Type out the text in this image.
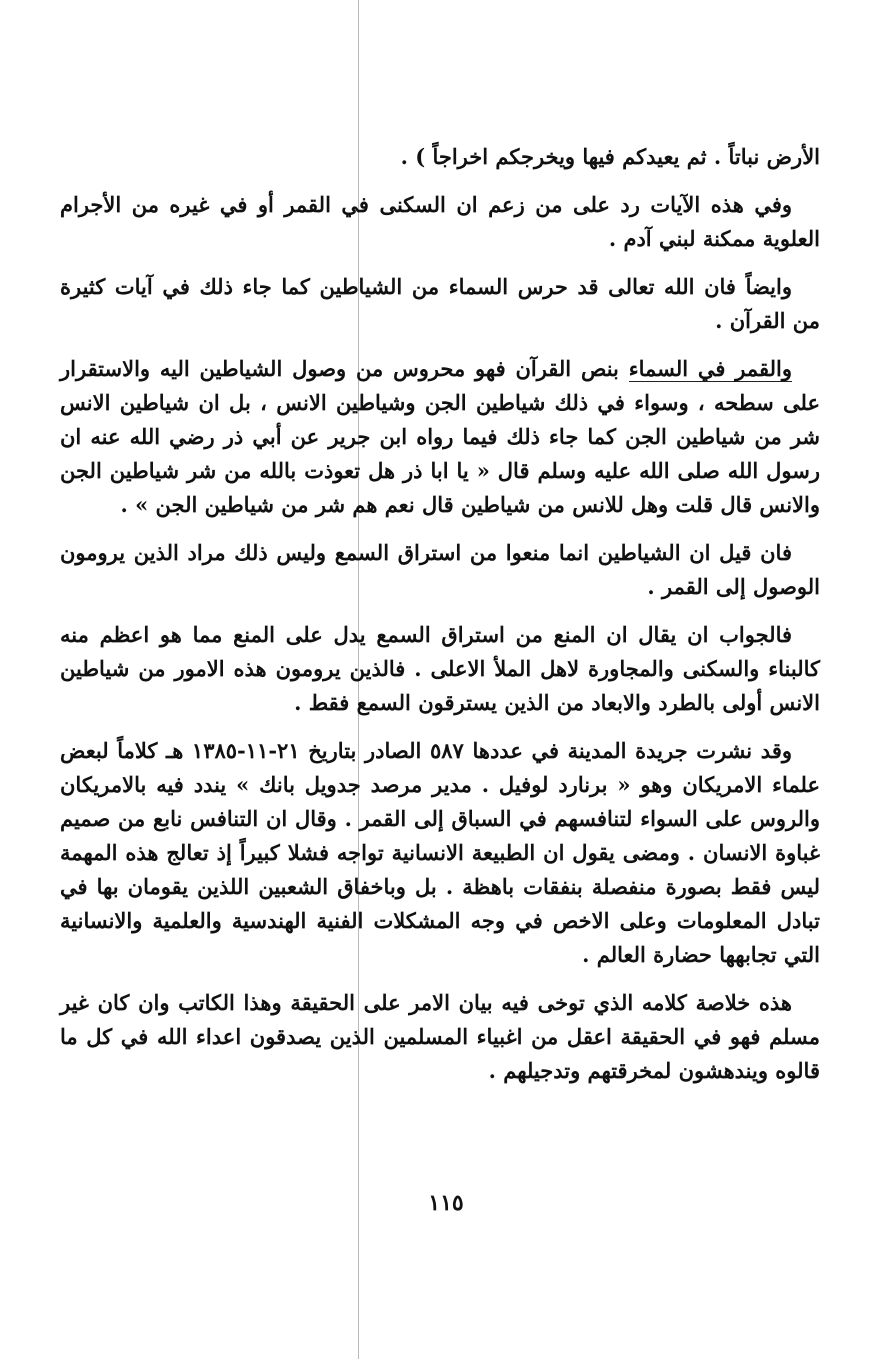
الأرض نباتاً . ثم يعيدكم فيها ويخرجكم اخراجاً ) .

وفي هذه الآيات رد على من زعم ان السكنى في القمر أو في غيره من الأجرام العلوية ممكنة لبني آدم .

وايضاً فان الله تعالى قد حرس السماء من الشياطين كما جاء ذلك في آيات كثيرة من القرآن .

والقمر في السماء بنص القرآن فهو محروس من وصول الشياطين اليه والاستقرار على سطحه ، وسواء في ذلك شياطين الجن وشياطين الانس ، بل ان شياطين الانس شر من شياطين الجن كما جاء ذلك فيما رواه ابن جرير عن أبي ذر رضي الله عنه ان رسول الله صلى الله عليه وسلم قال « يا ابا ذر هل تعوذت بالله من شر شياطين الجن والانس قال قلت وهل للانس من شياطين قال نعم هم شر من شياطين الجن » .

فان قيل ان الشياطين انما منعوا من استراق السمع وليس ذلك مراد الذين يرومون الوصول إلى القمر .

فالجواب ان يقال ان المنع من استراق السمع يدل على المنع مما هو اعظم منه كالبناء والسكنى والمجاورة لاهل الملأ الاعلى . فالذين يرومون هذه الامور من شياطين الانس أولى بالطرد والابعاد من الذين يسترقون السمع فقط .

وقد نشرت جريدة المدينة في عددها ٥٨٧ الصادر بتاريخ ٢١-١١-١٣٨٥ هـ كلاماً لبعض علماء الامريكان وهو « برنارد لوفيل . مدير مرصد جدويل بانك » يندد فيه بالامريكان والروس على السواء لتنافسهم في السباق إلى القمر . وقال ان التنافس نابع من صميم غباوة الانسان . ومضى يقول ان الطبيعة الانسانية تواجه فشلا كبيراً إذ تعالج هذه المهمة ليس فقط بصورة منفصلة بنفقات باهظة . بل وباخفاق الشعبين اللذين يقومان بها في تبادل المعلومات وعلى الاخص في وجه المشكلات الفنية الهندسية والعلمية والانسانية التي تجابهها حضارة العالم .

هذه خلاصة كلامه الذي توخى فيه بيان الامر على الحقيقة وهذا الكاتب وان كان غير مسلم فهو في الحقيقة اعقل من اغبياء المسلمين الذين يصدقون اعداء الله في كل ما قالوه ويندهشون لمخرقتهم وتدجيلهم .

١١٥
